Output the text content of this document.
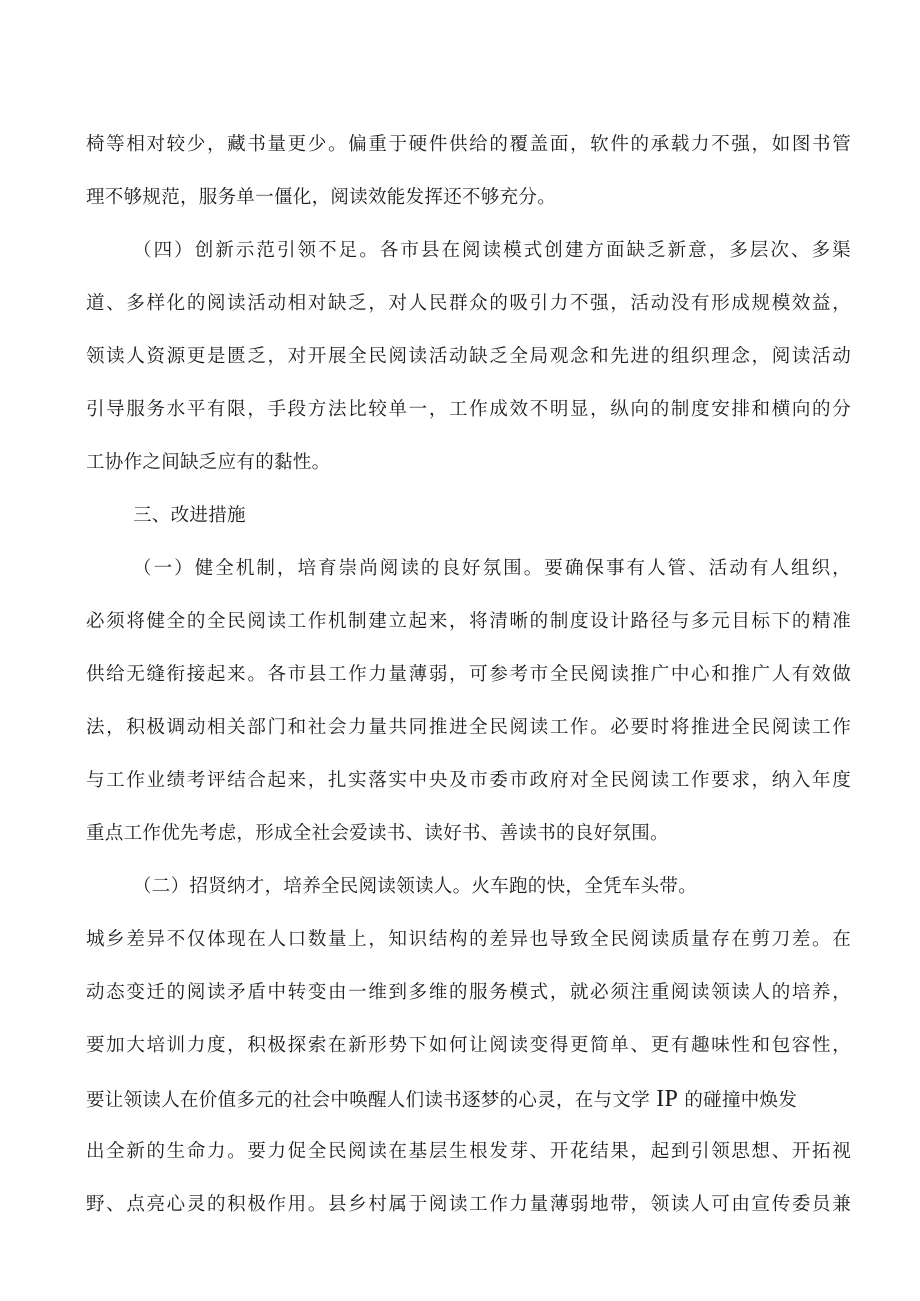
椅等相对较少，藏书量更少。偏重于硬件供给的覆盖面，软件的承载力不强，如图书管
理不够规范，服务单一僵化，阅读效能发挥还不够充分。
（四）创新示范引领不足。各市县在阅读模式创建方面缺乏新意，多层次、多渠
道、多样化的阅读活动相对缺乏，对人民群众的吸引力不强，活动没有形成规模效益，
领读人资源更是匮乏，对开展全民阅读活动缺乏全局观念和先进的组织理念，阅读活动
引导服务水平有限，手段方法比较单一，工作成效不明显，纵向的制度安排和横向的分
工协作之间缺乏应有的黏性。
三、改进措施
（一）健全机制，培育崇尚阅读的良好氛围。要确保事有人管、活动有人组织，
必须将健全的全民阅读工作机制建立起来，将清晰的制度设计路径与多元目标下的精准
供给无缝衔接起来。各市县工作力量薄弱，可参考市全民阅读推广中心和推广人有效做
法，积极调动相关部门和社会力量共同推进全民阅读工作。必要时将推进全民阅读工作
与工作业绩考评结合起来，扎实落实中央及市委市政府对全民阅读工作要求，纳入年度
重点工作优先考虑，形成全社会爱读书、读好书、善读书的良好氛围。
（二）招贤纳才，培养全民阅读领读人。火车跑的快，全凭车头带。
城乡差异不仅体现在人口数量上，知识结构的差异也导致全民阅读质量存在剪刀差。在
动态变迁的阅读矛盾中转变由一维到多维的服务模式，就必须注重阅读领读人的培养，
要加大培训力度，积极探索在新形势下如何让阅读变得更简单、更有趣味性和包容性，
要让领读人在价值多元的社会中唤醒人们读书逐梦的心灵，在与文学 IP 的碰撞中焕发
出全新的生命力。要力促全民阅读在基层生根发芽、开花结果，起到引领思想、开拓视
野、点亮心灵的积极作用。县乡村属于阅读工作力量薄弱地带，领读人可由宣传委员兼
